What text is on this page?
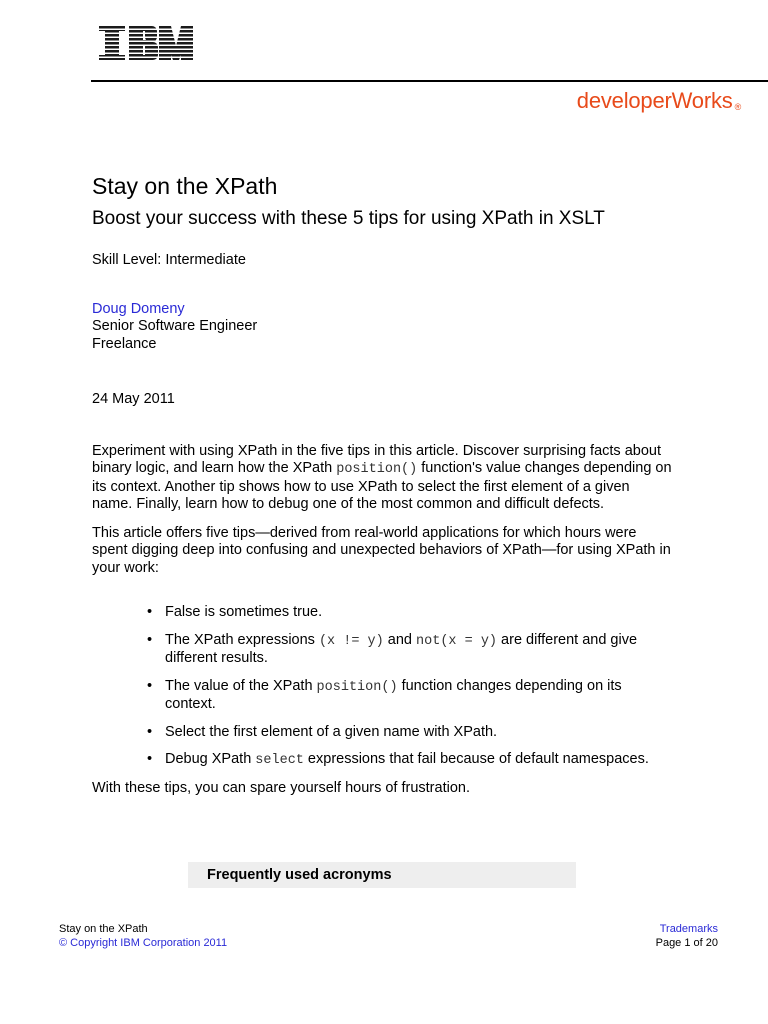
developerWorks ®
Stay on the XPath
Boost your success with these 5 tips for using XPath in XSLT

Skill Level: Intermediate

Doug Domeny
Senior Software Engineer
Freelance
24 May 2011

Experiment with using XPath in the five tips in this article. Discover surprising facts about binary logic, and learn how the XPath position() function's value changes depending on its context. Another tip shows how to use XPath to select the first element of a given name. Finally, learn how to debug one of the most common and difficult defects.

This article offers five tips—derived from real-world applications for which hours were spent digging deep into confusing and unexpected behaviors of XPath—for using XPath in your work:

• False is sometimes true.
• The XPath expressions (x != y) and not(x = y) are different and give different results.
• The value of the XPath position() function changes depending on its context.
• Select the first element of a given name with XPath.
• Debug XPath select expressions that fail because of default namespaces.

With these tips, you can spare yourself hours of frustration.

Frequently used acronyms
Stay on the XPath
© Copyright IBM Corporation 2011
Trademarks
Page 1 of 20
